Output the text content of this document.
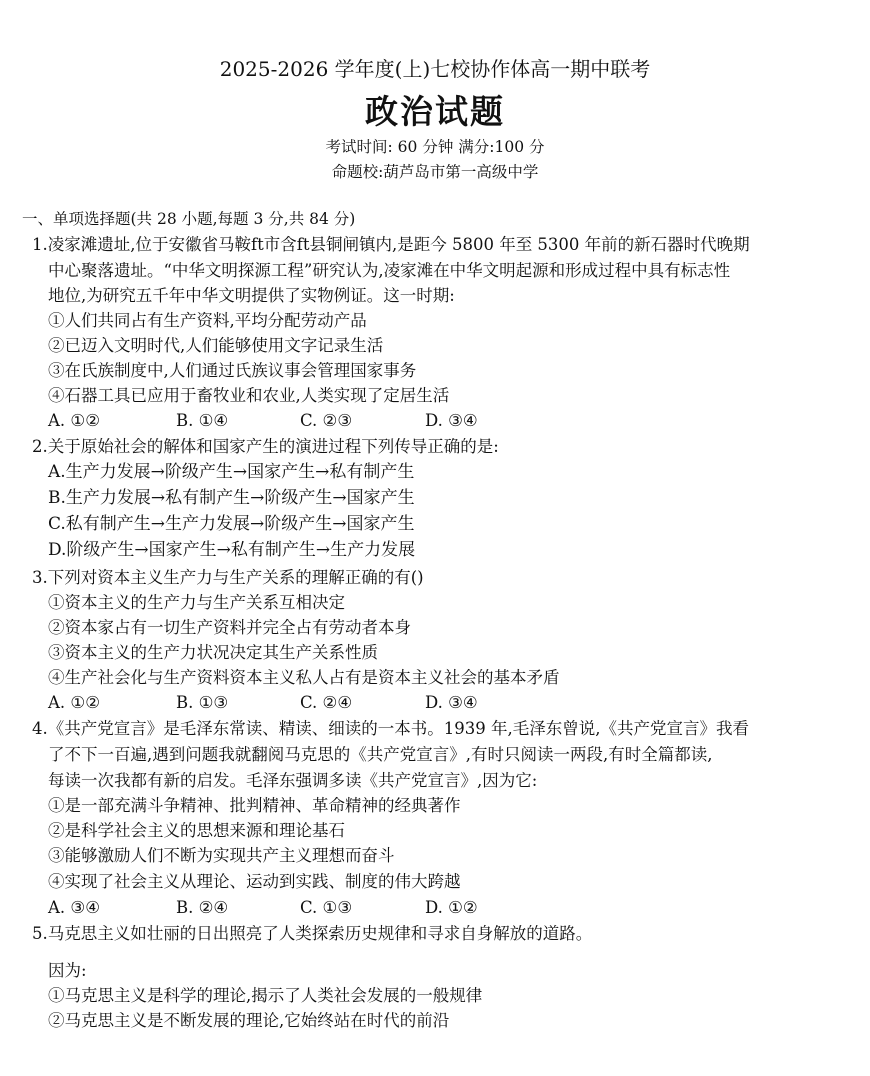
2025-2026 学年度(上)七校协作体高一期中联考
政治试题
考试时间: 60 分钟 满分:100 分
命题校:葫芦岛市第一高级中学
一、单项选择题(共 28 小题,每题 3 分,共 84 分)
1.凌家滩遗址,位于安徽省马鞍ft市含ft县铜闸镇内,是距今 5800 年至 5300 年前的新石器时代晚期
中心聚落遗址。“中华文明探源工程”研究认为,凌家滩在中华文明起源和形成过程中具有标志性
地位,为研究五千年中华文明提供了实物例证。这一时期:
①人们共同占有生产资料,平均分配劳动产品
②已迈入文明时代,人们能够使用文字记录生活
③在氏族制度中,人们通过氏族议事会管理国家事务
④石器工具已应用于畜牧业和农业,人类实现了定居生活
A. ①②	B. ①④	C. ②③	D. ③④
2.关于原始社会的解体和国家产生的演进过程下列传导正确的是:
A.生产力发展→阶级产生→国家产生→私有制产生
B.生产力发展→私有制产生→阶级产生→国家产生
C.私有制产生→生产力发展→阶级产生→国家产生
D.阶级产生→国家产生→私有制产生→生产力发展
3.下列对资本主义生产力与生产关系的理解正确的有()
①资本主义的生产力与生产关系互相决定
②资本家占有一切生产资料并完全占有劳动者本身
③资本主义的生产力状况决定其生产关系性质
④生产社会化与生产资料资本主义私人占有是资本主义社会的基本矛盾
A. ①②	B. ①③	C. ②④	D. ③④
4.《共产党宣言》是毛泽东常读、精读、细读的一本书。1939 年,毛泽东曾说,《共产党宣言》我看
了不下一百遍,遇到问题我就翻阅马克思的《共产党宣言》,有时只阅读一两段,有时全篇都读,
每读一次我都有新的启发。毛泽东强调多读《共产党宣言》,因为它:
①是一部充满斗争精神、批判精神、革命精神的经典著作
②是科学社会主义的思想来源和理论基石
③能够激励人们不断为实现共产主义理想而奋斗
④实现了社会主义从理论、运动到实践、制度的伟大跨越
A. ③④	B. ②④	C. ①③	D. ①②
5.马克思主义如壮丽的日出照亮了人类探索历史规律和寻求自身解放的道路。
因为:
①马克思主义是科学的理论,揭示了人类社会发展的一般规律
②马克思主义是不断发展的理论,它始终站在时代的前沿
